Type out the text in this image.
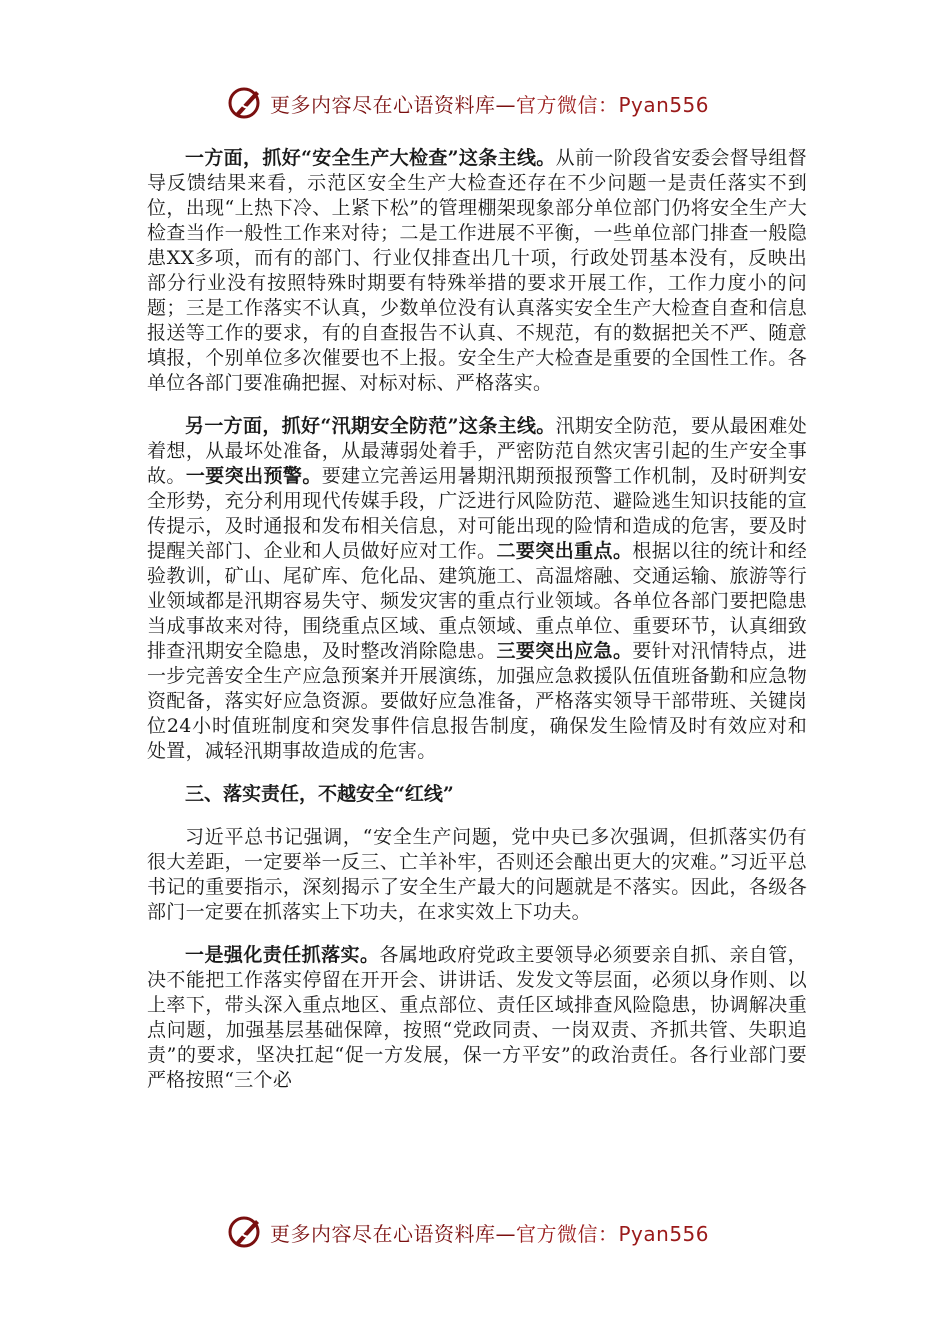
更多内容尽在心语资料库—官方微信：Pyan556

一方面，抓好“安全生产大检查”这条主线。从前一阶段省安委会督导组督导反馈结果来看，示范区安全生产大检查还存在不少问题一是责任落实不到位，出现“上热下冷、上紧下松”的管理棚架现象部分单位部门仍将安全生产大检查当作一般性工作来对待；二是工作进展不平衡，一些单位部门排查一般隐患XX多项，而有的部门、行业仅排查出几十项，行政处罚基本没有，反映出部分行业没有按照特殊时期要有特殊举措的要求开展工作，工作力度小的问题；三是工作落实不认真，少数单位没有认真落实安全生产大检查自查和信息报送等工作的要求，有的自查报告不认真、不规范，有的数据把关不严、随意填报，个别单位多次催要也不上报。安全生产大检查是重要的全国性工作。各单位各部门要准确把握、对标对标、严格落实。

另一方面，抓好“汛期安全防范”这条主线。汛期安全防范，要从最困难处着想，从最坏处准备，从最薄弱处着手，严密防范自然灾害引起的生产安全事故。一要突出预警。要建立完善运用暑期汛期预报预警工作机制，及时研判安全形势，充分利用现代传媒手段，广泛进行风险防范、避险逃生知识技能的宣传提示，及时通报和发布相关信息，对可能出现的险情和造成的危害，要及时提醒关部门、企业和人员做好应对工作。二要突出重点。根据以往的统计和经验教训，矿山、尾矿库、危化品、建筑施工、高温熔融、交通运输、旅游等行业领域都是汛期容易失守、频发灾害的重点行业领域。各单位各部门要把隐患当成事故来对待，围绕重点区域、重点领域、重点单位、重要环节，认真细致排查汛期安全隐患，及时整改消除隐患。三要突出应急。要针对汛情特点，进一步完善安全生产应急预案并开展演练，加强应急救援队伍值班备勤和应急物资配备，落实好应急资源。要做好应急准备，严格落实领导干部带班、关键岗位24小时值班制度和突发事件信息报告制度，确保发生险情及时有效应对和处置，减轻汛期事故造成的危害。

三、落实责任，不越安全“红线”

习近平总书记强调，“安全生产问题，党中央已多次强调，但抓落实仍有很大差距，一定要举一反三、亡羊补牢，否则还会酿出更大的灾难。”习近平总书记的重要指示，深刻揭示了安全生产最大的问题就是不落实。因此，各级各部门一定要在抓落实上下功夫，在求实效上下功夫。

一是强化责任抓落实。各属地政府党政主要领导必须要亲自抓、亲自管，决不能把工作落实停留在开开会、讲讲话、发发文等层面，必须以身作则、以上率下，带头深入重点地区、重点部位、责任区域排查风险隐患，协调解决重点问题，加强基层基础保障，按照“党政同责、一岗双责、齐抓共管、失职追责”的要求，坚决扛起“促一方发展，保一方平安”的政治责任。各行业部门要严格按照“三个必

更多内容尽在心语资料库—官方微信：Pyan556
